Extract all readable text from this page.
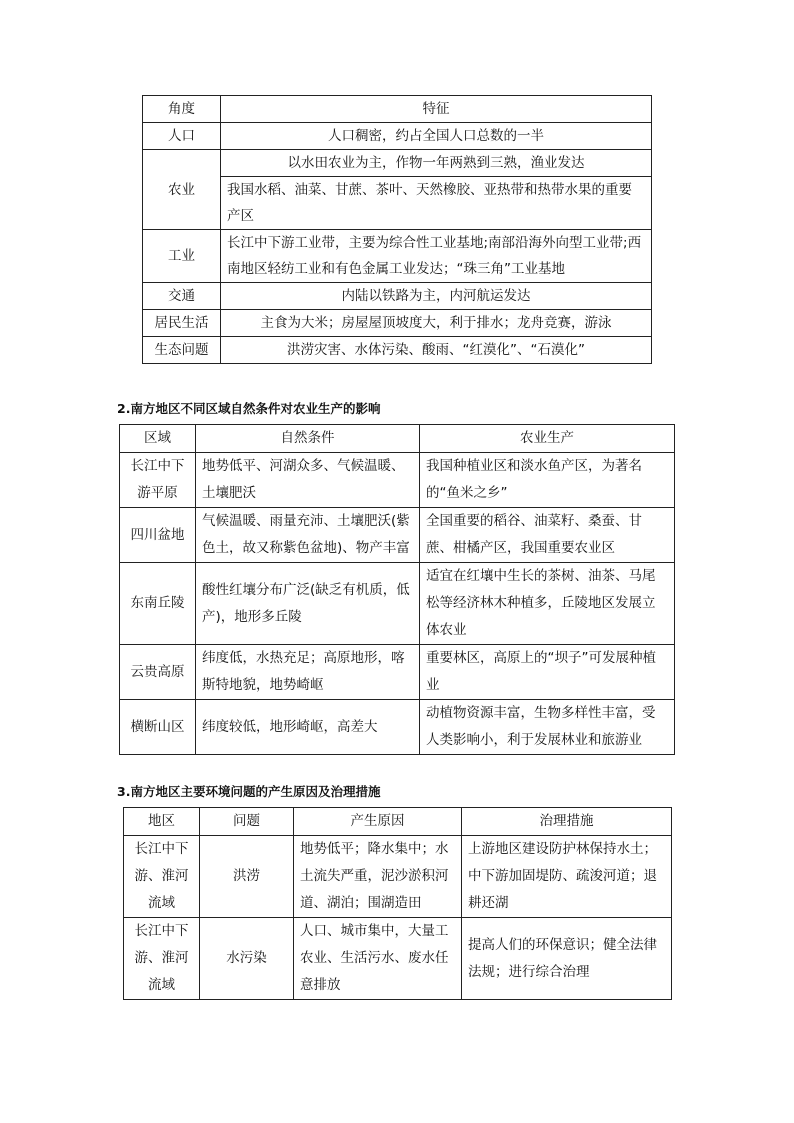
角度	特征
人口	人口稠密，约占全国人口总数的一半
农业	以水田农业为主，作物一年两熟到三熟，渔业发达
	我国水稻、油菜、甘蔗、茶叶、天然橡胶、亚热带和热带水果的重要产区
工业	长江中下游工业带，主要为综合性工业基地;南部沿海外向型工业带;西南地区轻纺工业和有色金属工业发达；“珠三角”工业基地
交通	内陆以铁路为主，内河航运发达
居民生活	主食为大米；房屋屋顶坡度大，利于排水；龙舟竞赛，游泳
生态问题	洪涝灾害、水体污染、酸雨、“红漠化”、“石漠化”
2.南方地区不同区域自然条件对农业生产的影响
区域	自然条件	农业生产
长江中下游平原	地势低平、河湖众多、气候温暖、土壤肥沃	我国种植业区和淡水鱼产区，为著名的“鱼米之乡”
四川盆地	气候温暖、雨量充沛、土壤肥沃(紫色土，故又称紫色盆地)、物产丰富	全国重要的稻谷、油菜籽、桑蚕、甘蔗、柑橘产区，我国重要农业区
东南丘陵	酸性红壤分布广泛(缺乏有机质，低产)，地形多丘陵	适宜在红壤中生长的茶树、油茶、马尾松等经济林木种植多，丘陵地区发展立体农业
云贵高原	纬度低，水热充足；高原地形，喀斯特地貌，地势崎岖	重要林区，高原上的“坝子”可发展种植业
横断山区	纬度较低，地形崎岖，高差大	动植物资源丰富，生物多样性丰富，受人类影响小，利于发展林业和旅游业
3.南方地区主要环境问题的产生原因及治理措施
地区	问题	产生原因	治理措施
长江中下游、淮河流域	洪涝	地势低平；降水集中；水土流失严重，泥沙淤积河道、湖泊；围湖造田	上游地区建设防护林保持水土；中下游加固堤防、疏浚河道；退耕还湖
长江中下游、淮河流域	水污染	人口、城市集中，大量工农业、生活污水、废水任意排放	提高人们的环保意识；健全法律法规；进行综合治理
